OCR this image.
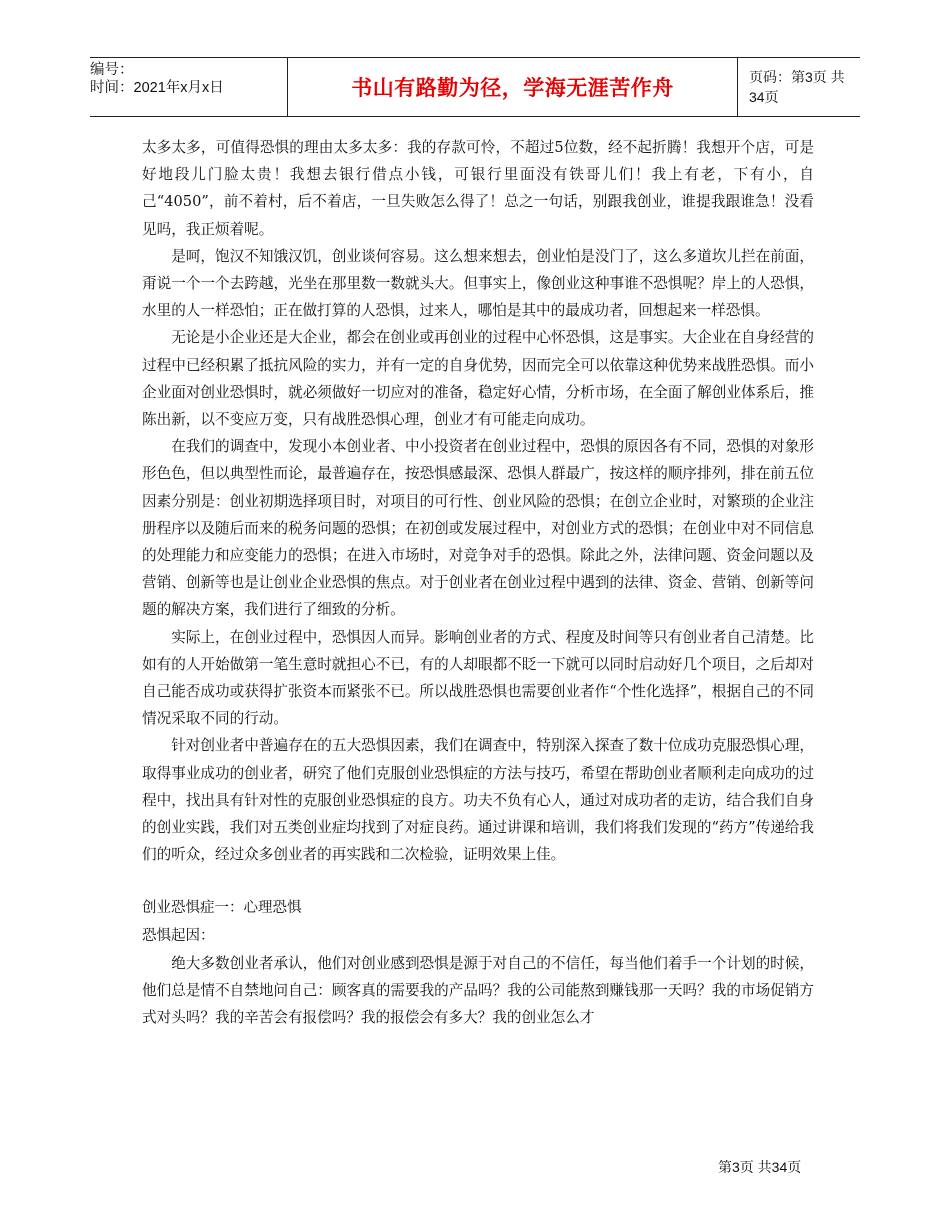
编号：
时间：2021年x月x日	书山有路勤为径，学海无涯苦作舟	页码：第3页 共34页

太多太多，可值得恐惧的理由太多太多：我的存款可怜，不超过5位数，经不起折腾！我想开个店，可是好地段儿门脸太贵！我想去银行借点小钱，可银行里面没有铁哥儿们！我上有老，下有小，自己“4050”，前不着村，后不着店，一旦失败怎么得了！总之一句话，别跟我创业，谁提我跟谁急！没看见吗，我正烦着呢。

是呵，饱汉不知饿汉饥，创业谈何容易。这么想来想去，创业怕是没门了，这么多道坎儿拦在前面，甭说一个一个去跨越，光坐在那里数一数就头大。但事实上，像创业这种事谁不恐惧呢？岸上的人恐惧，水里的人一样恐怕；正在做打算的人恐惧，过来人，哪怕是其中的最成功者，回想起来一样恐惧。

无论是小企业还是大企业，都会在创业或再创业的过程中心怀恐惧，这是事实。大企业在自身经营的过程中已经积累了抵抗风险的实力，并有一定的自身优势，因而完全可以依靠这种优势来战胜恐惧。而小企业面对创业恐惧时，就必须做好一切应对的准备，稳定好心情，分析市场，在全面了解创业体系后，推陈出新，以不变应万变，只有战胜恐惧心理，创业才有可能走向成功。

在我们的调查中，发现小本创业者、中小投资者在创业过程中，恐惧的原因各有不同，恐惧的对象形形色色，但以典型性而论，最普遍存在，按恐惧感最深、恐惧人群最广，按这样的顺序排列，排在前五位因素分别是：创业初期选择项目时，对项目的可行性、创业风险的恐惧；在创立企业时，对繁琐的企业注册程序以及随后而来的税务问题的恐惧；在初创或发展过程中，对创业方式的恐惧；在创业中对不同信息的处理能力和应变能力的恐惧；在进入市场时，对竞争对手的恐惧。除此之外，法律问题、资金问题以及营销、创新等也是让创业企业恐惧的焦点。对于创业者在创业过程中遇到的法律、资金、营销、创新等问题的解决方案，我们进行了细致的分析。

实际上，在创业过程中，恐惧因人而异。影响创业者的方式、程度及时间等只有创业者自己清楚。比如有的人开始做第一笔生意时就担心不已，有的人却眼都不眨一下就可以同时启动好几个项目，之后却对自己能否成功或获得扩张资本而紧张不已。所以战胜恐惧也需要创业者作“个性化选择”，根据自己的不同情况采取不同的行动。

针对创业者中普遍存在的五大恐惧因素，我们在调查中，特别深入探查了数十位成功克服恐惧心理，取得事业成功的创业者，研究了他们克服创业恐惧症的方法与技巧，希望在帮助创业者顺利走向成功的过程中，找出具有针对性的克服创业恐惧症的良方。功夫不负有心人，通过对成功者的走访，结合我们自身的创业实践，我们对五类创业症均找到了对症良药。通过讲课和培训，我们将我们发现的“药方”传递给我们的听众，经过众多创业者的再实践和二次检验，证明效果上佳。

创业恐惧症一：心理恐惧

恐惧起因：

绝大多数创业者承认，他们对创业感到恐惧是源于对自己的不信任，每当他们着手一个计划的时候，他们总是情不自禁地问自己：顾客真的需要我的产品吗？我的公司能熬到赚钱那一天吗？我的市场促销方式对头吗？我的辛苦会有报偿吗？我的报偿会有多大？我的创业怎么才

第3页 共34页
